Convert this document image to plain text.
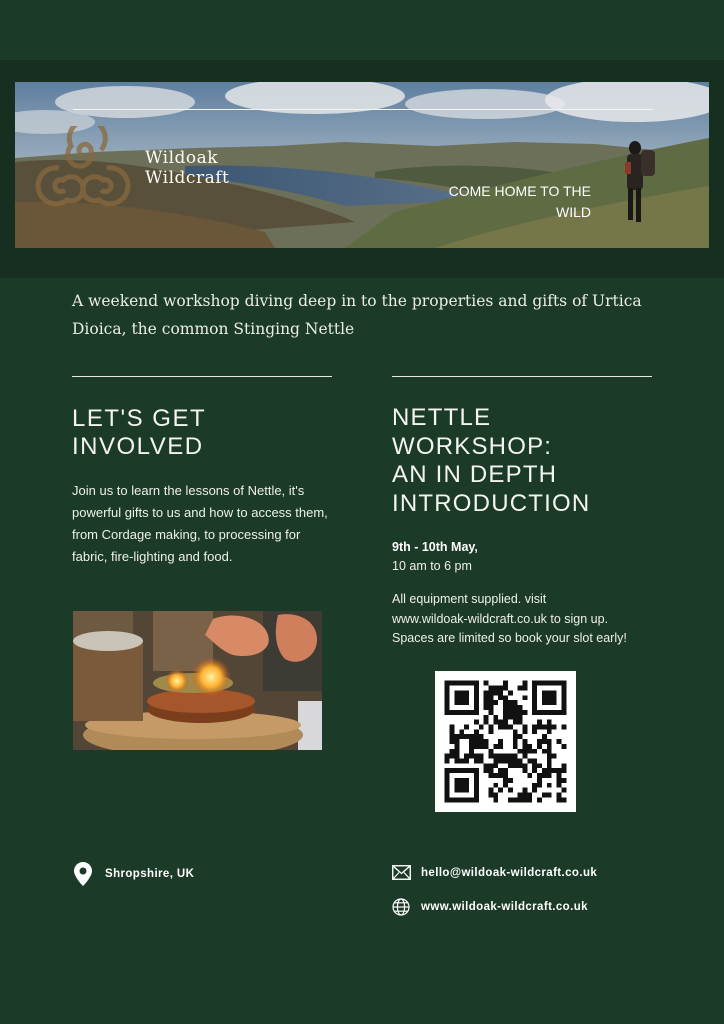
Wildoak
Wildcraft
COME HOME TO THE
WILD
A weekend workshop diving deep in to the properties and gifts of Urtica Dioica, the common Stinging Nettle
LET'S GET
INVOLVED
Join us to learn the lessons of Nettle, it's powerful gifts to us and how to access them, from Cordage making, to processing for fabric, fire-lighting and food.
NETTLE
WORKSHOP:
AN IN DEPTH
INTRODUCTION
9th - 10th May,
10 am to 6 pm
All equipment supplied. visit
www.wildoak-wildcraft.co.uk to sign up.
Spaces are limited so book your slot early!
Shropshire, UK	hello@wildoak-wildcraft.co.uk
www.wildoak-wildcraft.co.uk
